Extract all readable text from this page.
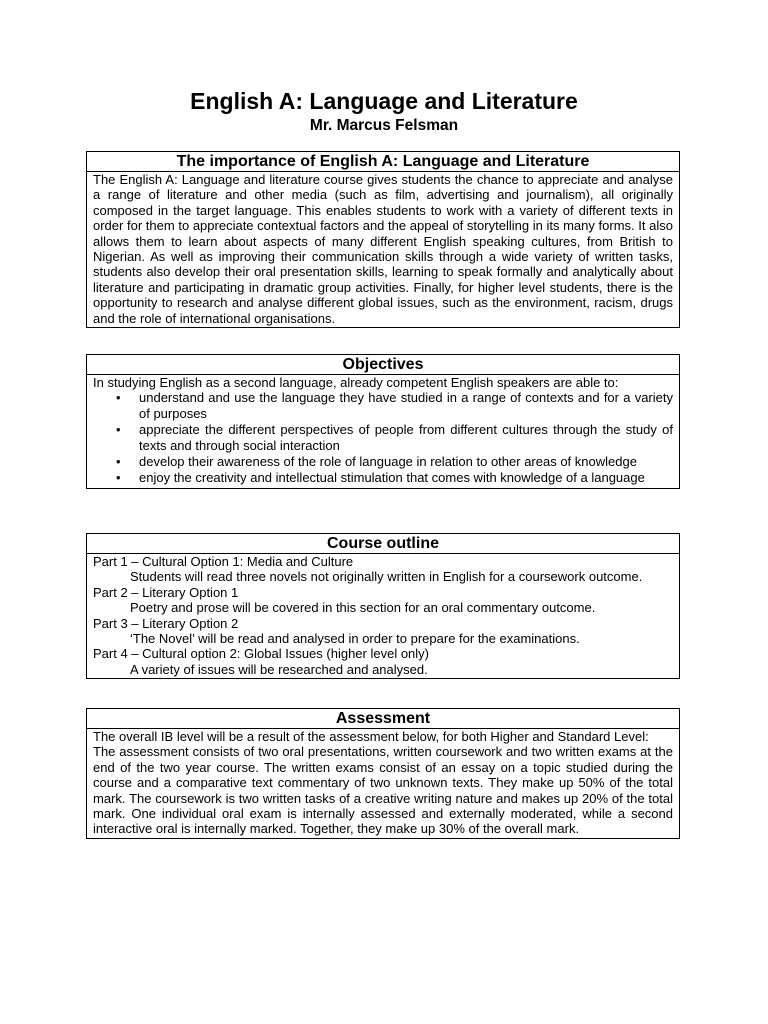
English A: Language and Literature
Mr. Marcus Felsman
The importance of English A: Language and Literature

The English A: Language and literature course gives students the chance to appreciate and analyse a range of literature and other media (such as film, advertising and journalism), all originally composed in the target language. This enables students to work with a variety of different texts in order for them to appreciate contextual factors and the appeal of storytelling in its many forms. It also allows them to learn about aspects of many different English speaking cultures, from British to Nigerian. As well as improving their communication skills through a wide variety of written tasks, students also develop their oral presentation skills, learning to speak formally and analytically about literature and participating in dramatic group activities. Finally, for higher level students, there is the opportunity to research and analyse different global issues, such as the environment, racism, drugs and the role of international organisations.

Objectives

In studying English as a second language, already competent English speakers are able to:

• understand and use the language they have studied in a range of contexts and for a variety of purposes
• appreciate the different perspectives of people from different cultures through the study of texts and through social interaction
• develop their awareness of the role of language in relation to other areas of knowledge
• enjoy the creativity and intellectual stimulation that comes with knowledge of a language
Course outline

Part 1 – Cultural Option 1: Media and Culture

Students will read three novels not originally written in English for a coursework outcome.

Part 2 – Literary Option 1

Poetry and prose will be covered in this section for an oral commentary outcome.

Part 3 – Literary Option 2

‘The Novel’ will be read and analysed in order to prepare for the examinations.

Part 4 – Cultural option 2: Global Issues (higher level only)

A variety of issues will be researched and analysed.

Assessment

The overall IB level will be a result of the assessment below, for both Higher and Standard Level:

The assessment consists of two oral presentations, written coursework and two written exams at the end of the two year course. The written exams consist of an essay on a topic studied during the course and a comparative text commentary of two unknown texts. They make up 50% of the total mark. The coursework is two written tasks of a creative writing nature and makes up 20% of the total mark. One individual oral exam is internally assessed and externally moderated, while a second interactive oral is internally marked. Together, they make up 30% of the overall mark.
